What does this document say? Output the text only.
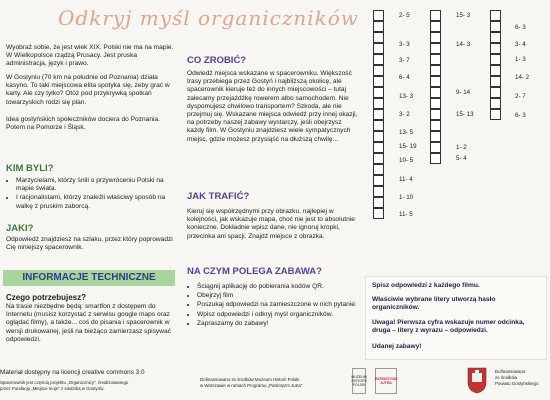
Odkryj myśl organiczników
Wyobraź sobie, że jest wiek XIX. Polski nie ma na mapie. W Wielkopolsce rządzą Prusacy. Jest pruska administracja, język i prawo.
W Gostyniu (70 km na południe od Poznania) działa kasyno. To taki miejscowa elita spotyka się, żeby grać w karty. Ale czy tylko? Otóż pod przykrywką spotkań towarzyskich rodzi się plan.
Idea gostyńskich społeczników dociera do Poznania. Potem na Pomorze i Śląsk.
KIM BYLI?
• Marzycielami, którzy śnili o przywróceniu Polski na mapie świata.
• I racjonalistami, którzy znaleźli właściwy sposób na walkę z pruskim zaborcą.
JAKI?
Odpowiedź znajdziesz na szlaku, przez który poprowadzi Cię niniejszy spacerownik.
INFORMACJE TECHNICZNE
Czego potrzebujesz?
Na trasie niezbędne będą: smartfon z dostępem do Internetu (musisz korzystać z serwisu google maps oraz oglądać filmy), a także... coś do pisania i spacerownik w wersji drukowanej, jeśli na bieżąco zamierzasz spisywać odpowiedzi.
CO ZROBIĆ?
Odwiedź miejsca wskazane w spacerowniku. Większość trasy przebiega przez Gostyń i najbliższą okolicę, ale spacerownik kieruje też do innych miejscowości – tutaj zalecamy przejażdżkę rowerem albo samochodem. Nie dyspomujesz chwilowo transportem? Szkoda, ale nie przejmuj się. Wskazane miejsca odwiedź przy innej okazji, na potrzeby naszej zabawy wystarczy, jeśli obejrzysz każdy film. W Gostyniu znajdziesz wiele sympatycznych miejsc, gdzie możesz przysiąść na dłuższą chwilę...
JAK TRAFIĆ?
Kieruj się współrzędnymi przy obrazku, najlepiej w kolejności, jak wskazuje mapa, choć nie jest to absolutnie konieczne. Dokładnie wpisz dane, nie ignoruj kropki, przecinka ani spacji. Znajdź miejsce z obrazka.
NA CZYM POLEGA ZABAWA?
• Ściągnij aplikację do pobierania kodów QR.
• Obejrzyj film
• Poszukaj odpowiedzi na zamieszczone w nich pytanie.
• Wpisz odpowiedzi i odkryj myśl organiczników.
• Zapraszamy do zabawy!
2- 5
3- 3
3- 7
6- 4
13- 3
3- 2
13- 5
15- 19
10- 5
11- 4
1- 10
11- 5
15- 3
14- 3
9- 14
15- 13
1- 2
5- 4
6- 3
3- 4
1- 3
14- 2
2- 7
6- 3
Spisz odpowiedzi z każdego filmu.
Właściwie wybrane litery utworzą hasło organiczników.
Uwaga! Pierwsza cyfra wskazuje numer odcinka, druga – litery z wyrazu – odpowiedzi.
Udanej zabawy!
Materiał dostępny na licencji creative commons 3.0
Spacerownik jest częścią projektu „Organicznicy”, zrealizowanego
przez Fundację „Miejsce moje” z siedzibą w Gostyniu.
Dofinansowano ze środków Muzeum Historii Polski
w Warszawie w ramach Programu „Patriotyzm Jutra”
MUZEUM HISTORII POLSKI
PATRIOTYZM JUTRA
Dofinansowano
ze środków
Powiatu Gostyńskiego
